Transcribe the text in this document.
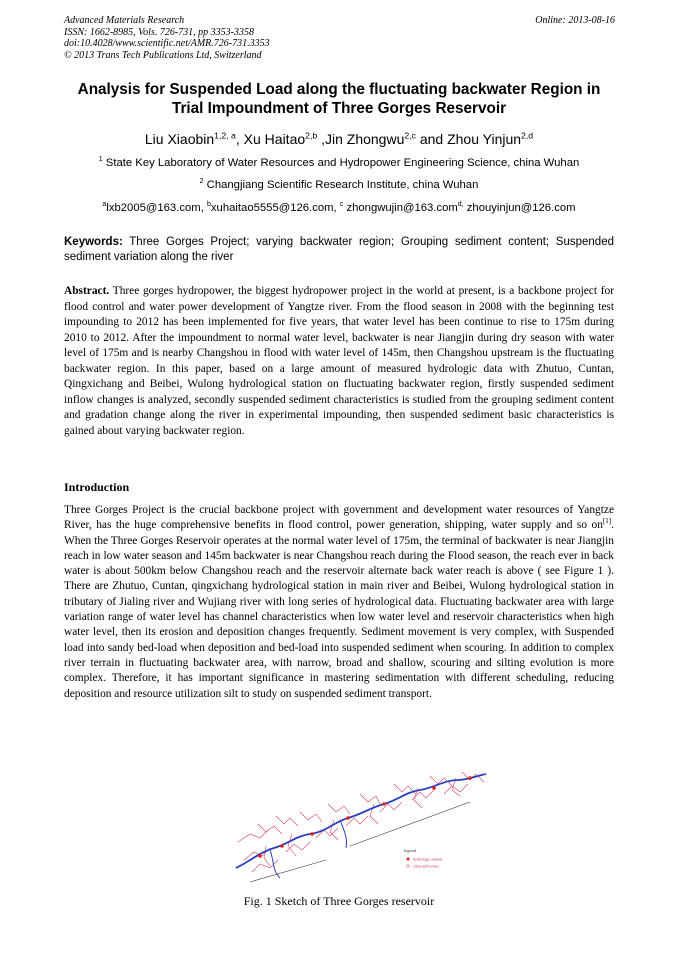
Advanced Materials Research
ISSN: 1662-8985, Vols. 726-731, pp 3353-3358
doi:10.4028/www.scientific.net/AMR.726-731.3353
© 2013 Trans Tech Publications Ltd, Switzerland
Online: 2013-08-16
Analysis for Suspended Load along the fluctuating backwater Region in
Trial Impoundment of Three Gorges Reservoir
Liu Xiaobin$^{1,2, a}$, Xu Haitao$^{2,b}$ ,Jin Zhongwu$^{2,c}$ and Zhou Yinjun$^{2,d}$
$^1$ State Key Laboratory of Water Resources and Hydropower Engineering Science, china Wuhan
$^2$ Changjiang Scientific Research Institute, china Wuhan
$^a$lxb2005@163.com, $^b$xuhaitao5555@126.com, $^c$ zhongwujin@163.com$^{d,}$ zhouyinjun@126.com
Keywords: Three Gorges Project; varying backwater region; Grouping sediment content; Suspended sediment variation along the river
Abstract. Three gorges hydropower, the biggest hydropower project in the world at present, is a backbone project for flood control and water power development of Yangtze river. From the flood season in 2008 with the beginning test impounding to 2012 has been implemented for five years, that water level has been continue to rise to 175m during 2010 to 2012. After the impoundment to normal water level, backwater is near Jiangjin during dry season with water level of 175m and is nearby Changshou in flood with water level of 145m, then Changshou upstream is the fluctuating backwater region. In this paper, based on a large amount of measured hydrologic data with Zhutuo, Cuntan, Qingxichang and Beibei, Wulong hydrological station on fluctuating backwater region, firstly suspended sediment inflow changes is analyzed, secondly suspended sediment characteristics is studied from the grouping sediment content and gradation change along the river in experimental impounding, then suspended sediment basic characteristics is gained about varying backwater region.
Introduction

Three Gorges Project is the crucial backbone project with government and development water resources of Yangtze River, has the huge comprehensive benefits in flood control, power generation, shipping, water supply and so on[1]. When the Three Gorges Reservoir operates at the normal water level of 175m, the terminal of backwater is near Jiangjin reach in low water season and 145m backwater is near Changshou reach during the Flood season, the reach ever in back water is about 500km below Changshou reach and the reservoir alternate back water reach is above ( see Figure 1 ). There are Zhutuo, Cuntan, qingxichang hydrological station in main river and Beibei, Wulong hydrological station in tributary of Jialing river and Wujiang river with long series of hydrological data. Fluctuating backwater area with large variation range of water level has channel characteristics when low water level and reservoir characteristics when high water level, then its erosion and deposition changes frequently. Sediment movement is very complex, with Suspended load into sandy bed-load when deposition and bed-load into suspended sediment when scouring. In addition to complex river terrain in fluctuating backwater area, with narrow, broad and shallow, scouring and silting evolution is more complex. Therefore, it has important significance in mastering sedimentation with different scheduling, reducing deposition and resource utilization silt to study on suspended sediment transport.

legend
hydrologic station
cities and towns
Fig. 1 Sketch of Three Gorges reservoir
